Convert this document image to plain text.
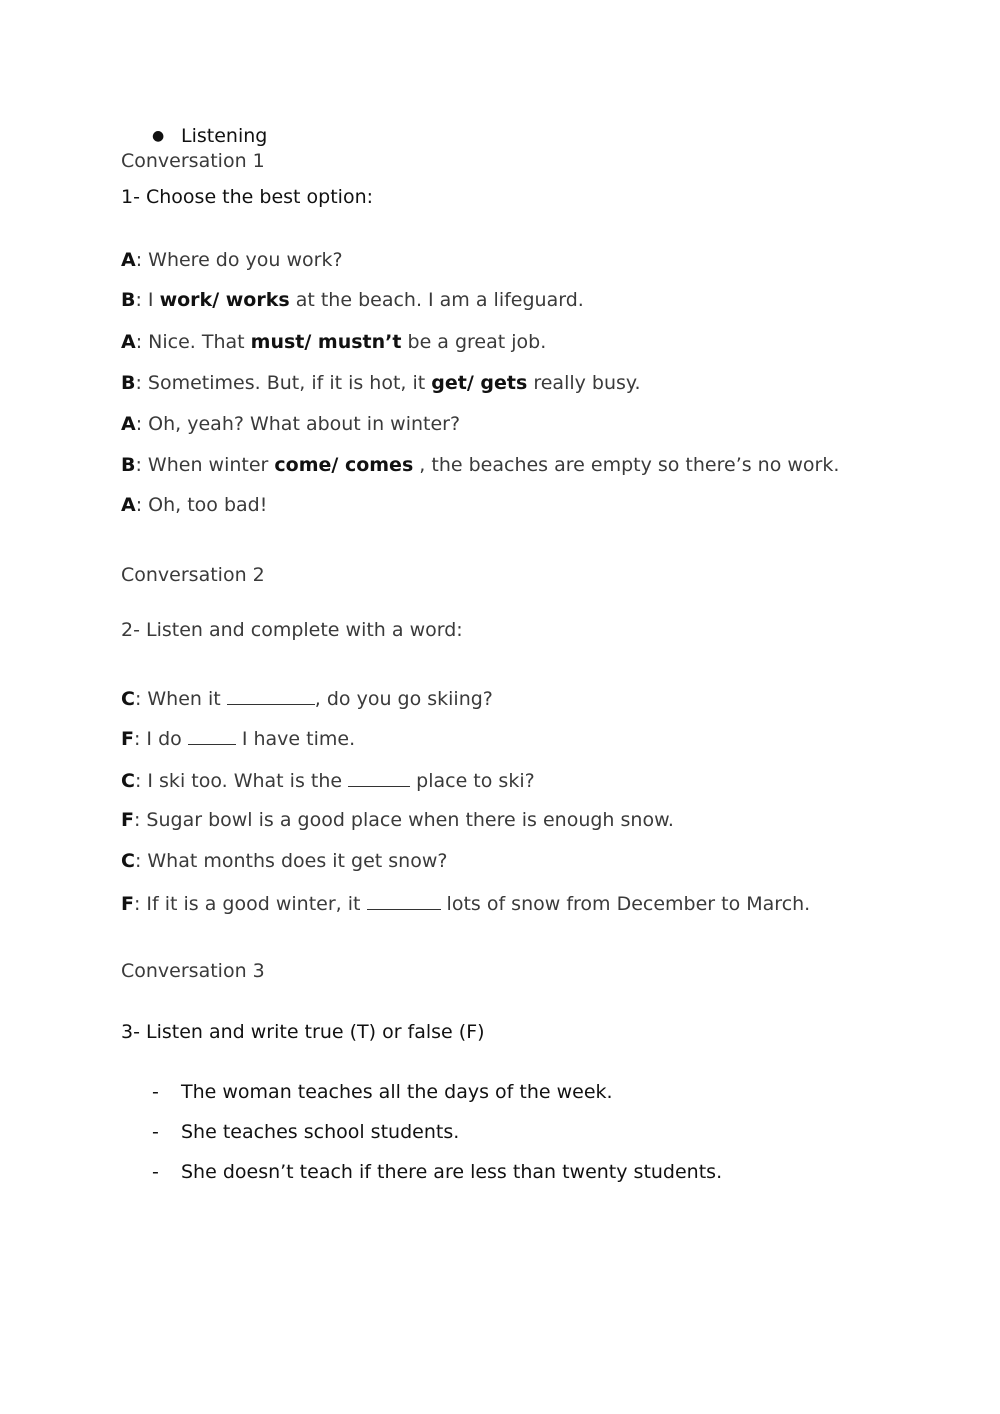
● Listening
Conversation 1
1- Choose the best option:
A: Where do you work?
B: I work/ works at the beach. I am a lifeguard.
A: Nice. That must/ mustn’t be a great job.
B: Sometimes. But, if it is hot, it get/ gets really busy.
A: Oh, yeah? What about in winter?
B: When winter come/ comes , the beaches are empty so there’s no work.
A: Oh, too bad!
Conversation 2
2- Listen and complete with a word:
C: When it	, do you go skiing?
F: I do	I have time.
C: I ski too. What is the	place to ski?
F: Sugar bowl is a good place when there is enough snow.
C: What months does it get snow?
F: If it is a good winter, it	lots of snow from December to March.
Conversation 3
3- Listen and write true (T) or false (F)
- The woman teaches all the days of the week.
- She teaches school students.
- She doesn’t teach if there are less than twenty students.
